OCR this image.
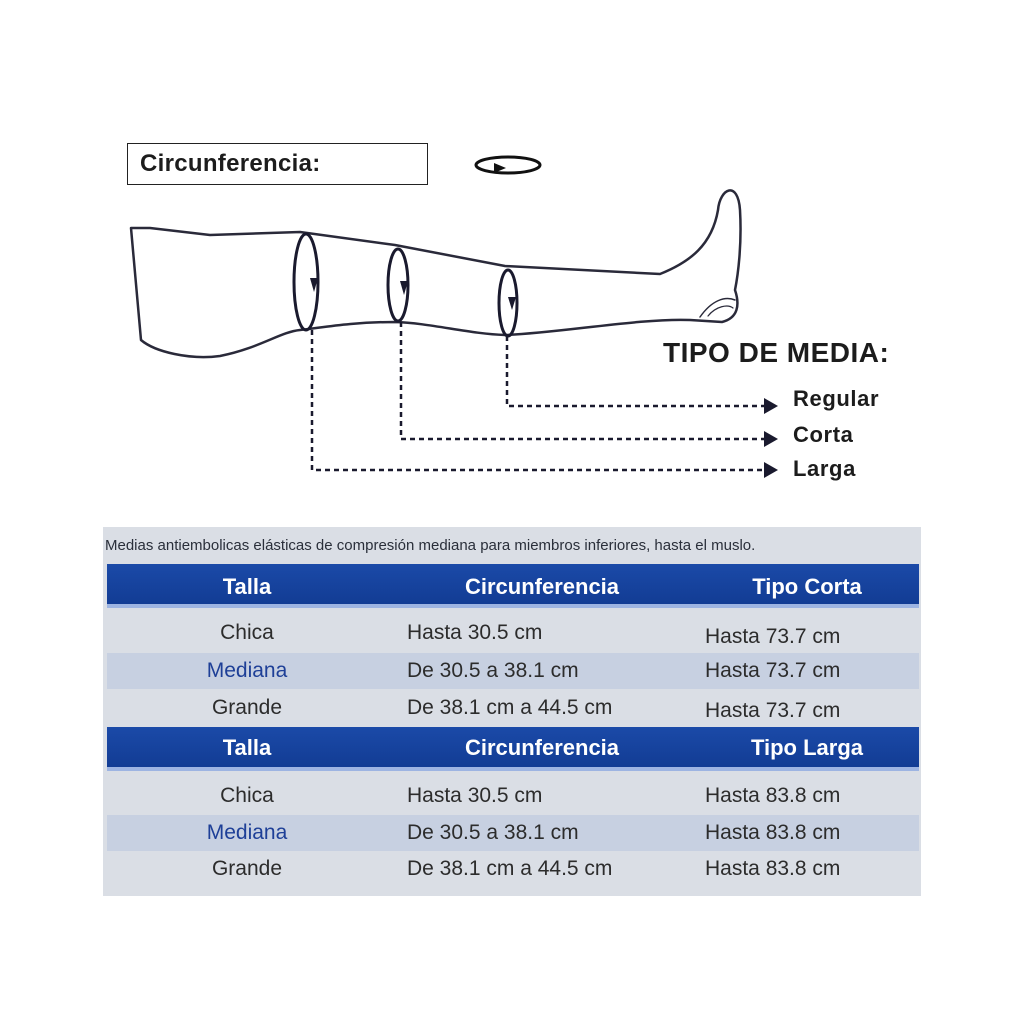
Circunferencia:
TIPO DE MEDIA:
Regular
Corta
Larga
Medias antiembolicas elásticas de compresión mediana para miembros inferiores, hasta el muslo.
Talla	Circunferencia	Tipo Corta
Chica	Hasta 30.5 cm	Hasta 73.7 cm
Mediana	De 30.5 a 38.1 cm	Hasta 73.7 cm
Grande	De 38.1 cm a 44.5 cm	Hasta 73.7 cm
Talla	Circunferencia	Tipo Larga
Chica	Hasta 30.5 cm	Hasta 83.8 cm
Mediana	De 30.5 a 38.1 cm	Hasta 83.8 cm
Grande	De 38.1 cm a 44.5 cm	Hasta 83.8 cm
